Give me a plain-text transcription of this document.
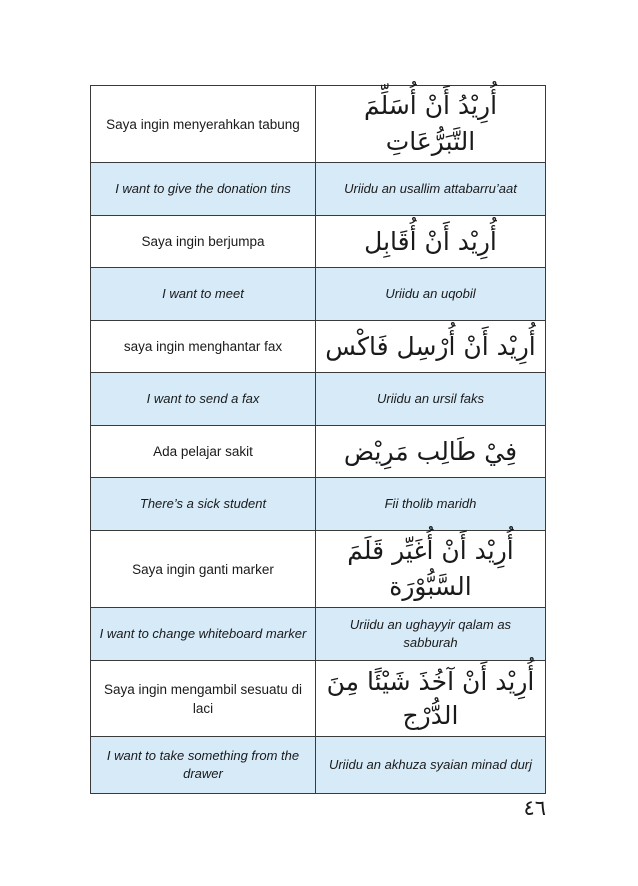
Saya ingin menyerahkan tabung	أُرِيْدُ أَنْ أُسَلِّمَ التَّبَرُّعَاتِ
I want to give the donation tins	Uriidu an usallim attabarru’aat
Saya ingin berjumpa	أُرِيْد أَنْ أُقَابِل
I want to meet	Uriidu an uqobil
saya ingin menghantar fax	أُرِيْد أَنْ أُرْسِل فَاكْس
I want to send a fax	Uriidu an ursil faks
Ada pelajar sakit	فِيْ طَالِب مَرِيْض
There’s a sick student	Fii tholib maridh
Saya ingin ganti marker	أُرِيْد أَنْ أُغَيِّر قَلَمَ السَّبُّوْرَة
I want to change whiteboard marker	Uriidu an ughayyir qalam as sabburah
Saya ingin mengambil sesuatu di laci	أُرِيْد أَنْ آخُذَ شَيْئًا مِنَ الدُّرْج
I want to take something from the drawer	Uriidu an akhuza syaian minad durj
٤٦
